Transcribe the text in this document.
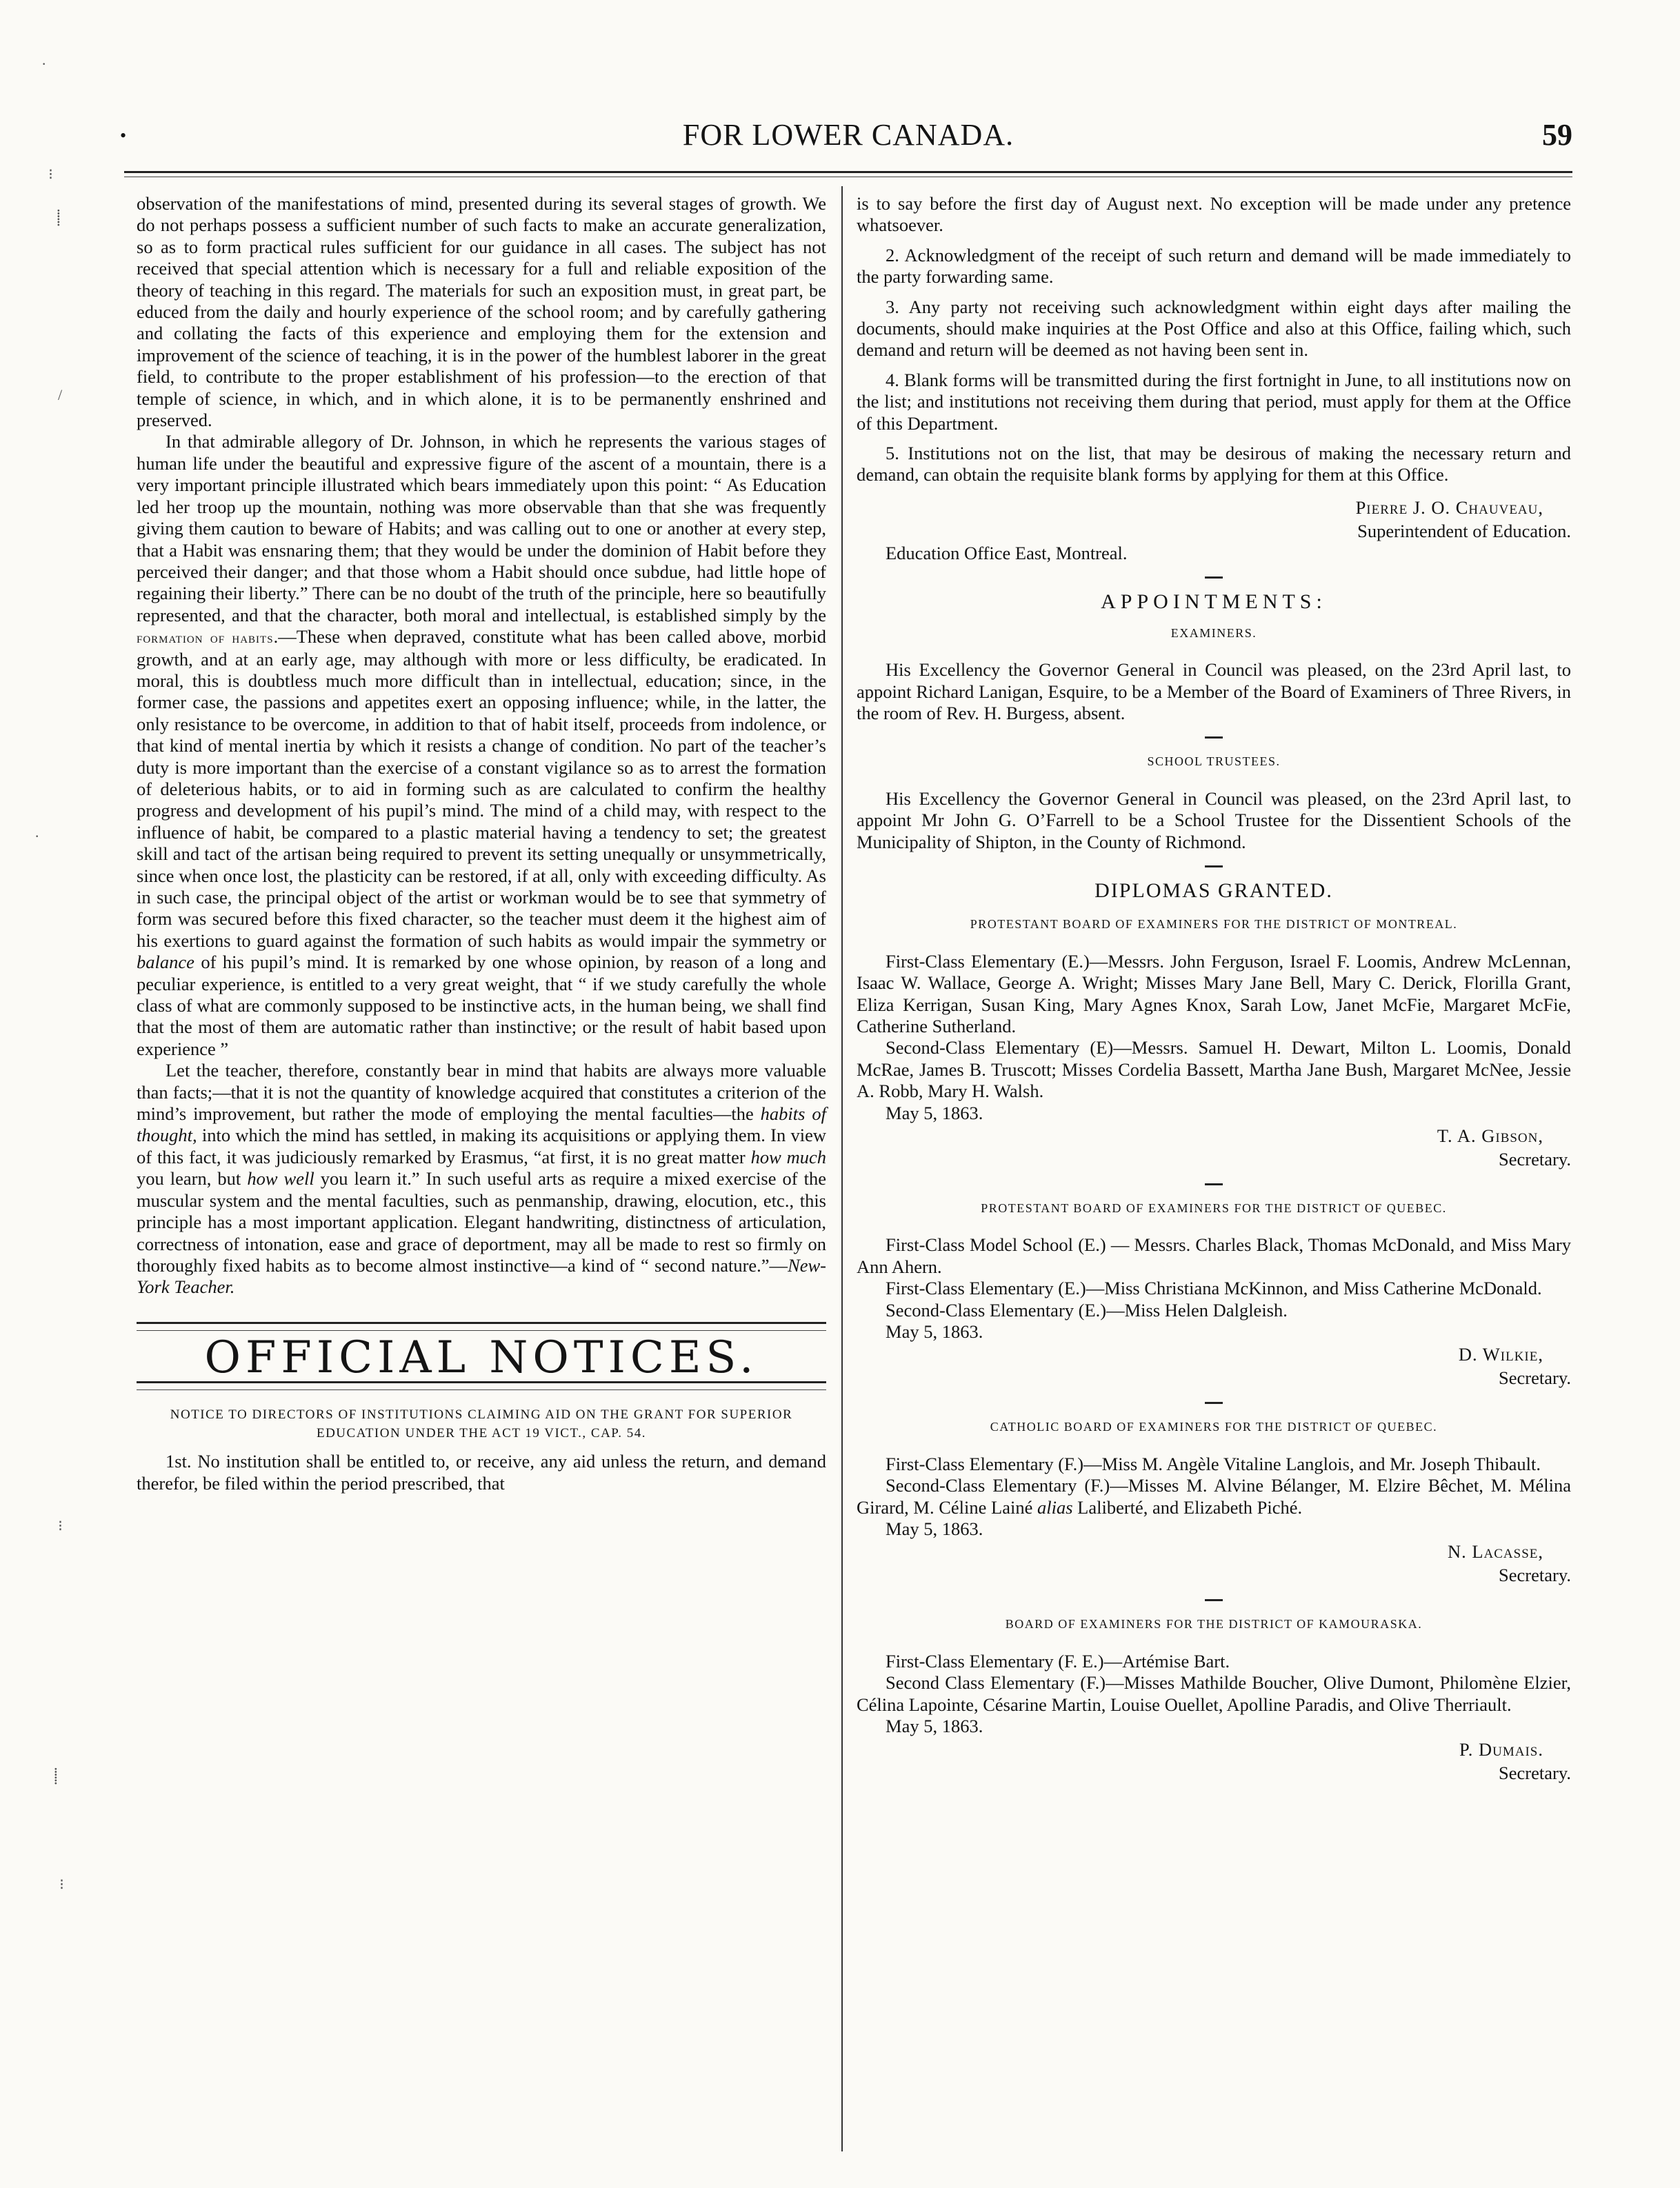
·
⁝
⸽
/
·
⁝
⸽
⁝
•	FOR LOWER CANADA.	59

observation of the manifestations of mind, presented during its several stages of growth. We do not perhaps possess a sufficient number of such facts to make an accurate generalization, so as to form practical rules sufficient for our guidance in all cases. The subject has not received that special attention which is necessary for a full and reliable exposition of the theory of teaching in this regard. The materials for such an exposition must, in great part, be educed from the daily and hourly experience of the school room; and by carefully gathering and collating the facts of this experience and employing them for the extension and improvement of the science of teaching, it is in the power of the humblest laborer in the great field, to contribute to the proper establishment of his profession—to the erection of that temple of science, in which, and in which alone, it is to be permanently enshrined and preserved.

In that admirable allegory of Dr. Johnson, in which he represents the various stages of human life under the beautiful and expressive figure of the ascent of a mountain, there is a very important principle illustrated which bears immediately upon this point: “ As Education led her troop up the mountain, nothing was more observable than that she was frequently giving them caution to beware of Habits; and was calling out to one or another at every step, that a Habit was ensnaring them; that they would be under the dominion of Habit before they perceived their danger; and that those whom a Habit should once subdue, had little hope of regaining their liberty.” There can be no doubt of the truth of the principle, here so beautifully represented, and that the character, both moral and intellectual, is established simply by the formation of habits.—These when depraved, constitute what has been called above, morbid growth, and at an early age, may although with more or less difficulty, be eradicated. In moral, this is doubtless much more difficult than in intellectual, education; since, in the former case, the passions and appetites exert an opposing influence; while, in the latter, the only resistance to be overcome, in addition to that of habit itself, proceeds from indolence, or that kind of mental inertia by which it resists a change of condition. No part of the teacher’s duty is more important than the exercise of a constant vigilance so as to arrest the formation of deleterious habits, or to aid in forming such as are calculated to confirm the healthy progress and development of his pupil’s mind. The mind of a child may, with respect to the influence of habit, be compared to a plastic material having a tendency to set; the greatest skill and tact of the artisan being required to prevent its setting unequally or unsymmetrically, since when once lost, the plasticity can be restored, if at all, only with exceeding difficulty. As in such case, the principal object of the artist or workman would be to see that symmetry of form was secured before this fixed character, so the teacher must deem it the highest aim of his exertions to guard against the formation of such habits as would impair the symmetry or balance of his pupil’s mind. It is remarked by one whose opinion, by reason of a long and peculiar experience, is entitled to a very great weight, that “ if we study carefully the whole class of what are commonly supposed to be instinctive acts, in the human being, we shall find that the most of them are automatic rather than instinctive; or the result of habit based upon experience ”

Let the teacher, therefore, constantly bear in mind that habits are always more valuable than facts;—that it is not the quantity of knowledge acquired that constitutes a criterion of the mind’s improvement, but rather the mode of employing the mental faculties—the habits of thought, into which the mind has settled, in making its acquisitions or applying them. In view of this fact, it was judiciously remarked by Erasmus, “at first, it is no great matter how much you learn, but how well you learn it.” In such useful arts as require a mixed exercise of the muscular system and the mental faculties, such as penmanship, drawing, elocution, etc., this principle has a most important application. Elegant handwriting, distinctness of articulation, correctness of intonation, ease and grace of deportment, may all be made to rest so firmly on thoroughly fixed habits as to become almost instinctive—a kind of “ second nature.”—New-York Teacher.

OFFICIAL NOTICES.
NOTICE TO DIRECTORS OF INSTITUTIONS CLAIMING AID ON THE GRANT FOR SUPERIOR EDUCATION UNDER THE ACT 19 VICT., CAP. 54.

1st. No institution shall be entitled to, or receive, any aid unless the return, and demand therefor, be filed within the period prescribed, that

is to say before the first day of August next. No exception will be made under any pretence whatsoever.

2. Acknowledgment of the receipt of such return and demand will be made immediately to the party forwarding same.

3. Any party not receiving such acknowledgment within eight days after mailing the documents, should make inquiries at the Post Office and also at this Office, failing which, such demand and return will be deemed as not having been sent in.

4. Blank forms will be transmitted during the first fortnight in June, to all institutions now on the list; and institutions not receiving them during that period, must apply for them at the Office of this Department.

5. Institutions not on the list, that may be desirous of making the necessary return and demand, can obtain the requisite blank forms by applying for them at this Office.

Pierre J. O. Chauveau,
Superintendent of Education.

Education Office East, Montreal.

APPOINTMENTS:
EXAMINERS.

His Excellency the Governor General in Council was pleased, on the 23rd April last, to appoint Richard Lanigan, Esquire, to be a Member of the Board of Examiners of Three Rivers, in the room of Rev. H. Burgess, absent.

SCHOOL TRUSTEES.

His Excellency the Governor General in Council was pleased, on the 23rd April last, to appoint Mr John G. O’Farrell to be a School Trustee for the Dissentient Schools of the Municipality of Shipton, in the County of Richmond.

DIPLOMAS GRANTED.
PROTESTANT BOARD OF EXAMINERS FOR THE DISTRICT OF MONTREAL.

First-Class Elementary (E.)—Messrs. John Ferguson, Israel F. Loomis, Andrew McLennan, Isaac W. Wallace, George A. Wright; Misses Mary Jane Bell, Mary C. Derick, Florilla Grant, Eliza Kerrigan, Susan King, Mary Agnes Knox, Sarah Low, Janet McFie, Margaret McFie, Catherine Sutherland.

Second-Class Elementary (E)—Messrs. Samuel H. Dewart, Milton L. Loomis, Donald McRae, James B. Truscott; Misses Cordelia Bassett, Martha Jane Bush, Margaret McNee, Jessie A. Robb, Mary H. Walsh.

May 5, 1863.

T. A. Gibson,
Secretary.
PROTESTANT BOARD OF EXAMINERS FOR THE DISTRICT OF QUEBEC.

First-Class Model School (E.) — Messrs. Charles Black, Thomas McDonald, and Miss Mary Ann Ahern.

First-Class Elementary (E.)—Miss Christiana McKinnon, and Miss Catherine McDonald.

Second-Class Elementary (E.)—Miss Helen Dalgleish.

May 5, 1863.

D. Wilkie,
Secretary.
CATHOLIC BOARD OF EXAMINERS FOR THE DISTRICT OF QUEBEC.

First-Class Elementary (F.)—Miss M. Angèle Vitaline Langlois, and Mr. Joseph Thibault.

Second-Class Elementary (F.)—Misses M. Alvine Bélanger, M. Elzire Bêchet, M. Mélina Girard, M. Céline Lainé alias Laliberté, and Elizabeth Piché.

May 5, 1863.

N. Lacasse,
Secretary.
BOARD OF EXAMINERS FOR THE DISTRICT OF KAMOURASKA.

First-Class Elementary (F. E.)—Artémise Bart.

Second Class Elementary (F.)—Misses Mathilde Boucher, Olive Dumont, Philomène Elzier, Célina Lapointe, Césarine Martin, Louise Ouellet, Apolline Paradis, and Olive Therriault.

May 5, 1863.

P. Dumais.
Secretary.
